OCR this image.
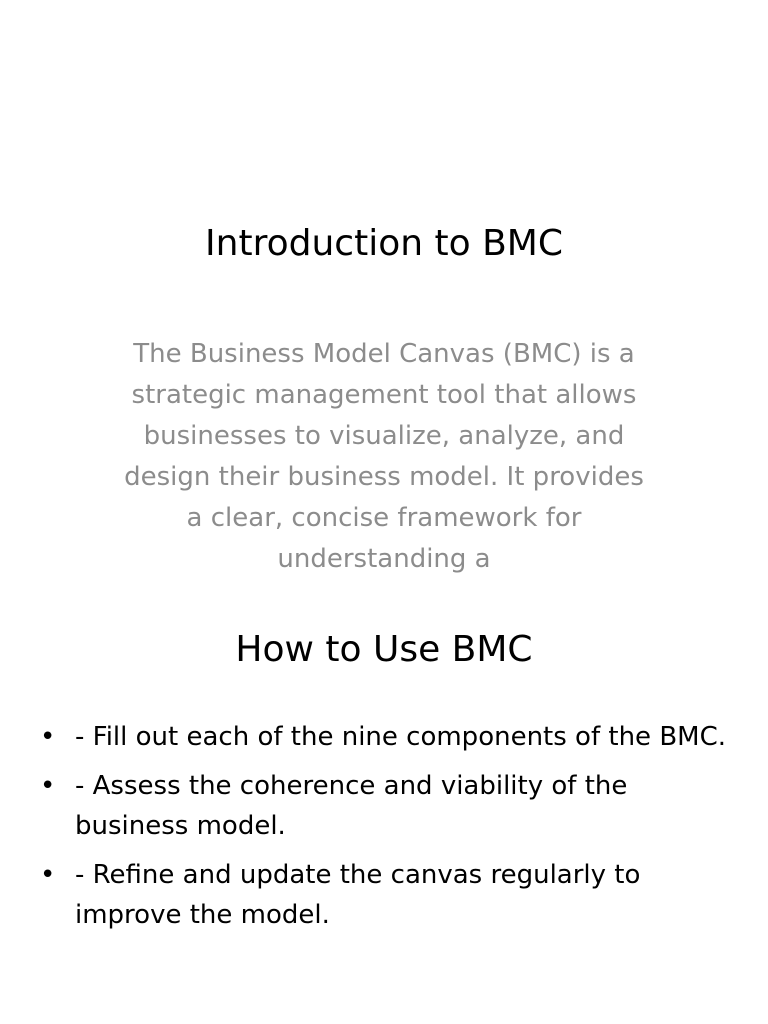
Introduction to BMC
The Business Model Canvas (BMC) is a strategic management tool that allows businesses to visualize, analyze, and design their business model. It provides a clear, concise framework for understanding a
How to Use BMC
• - Fill out each of the nine components of the BMC.
• - Assess the coherence and viability of the business model.
• - Refine and update the canvas regularly to improve the model.
